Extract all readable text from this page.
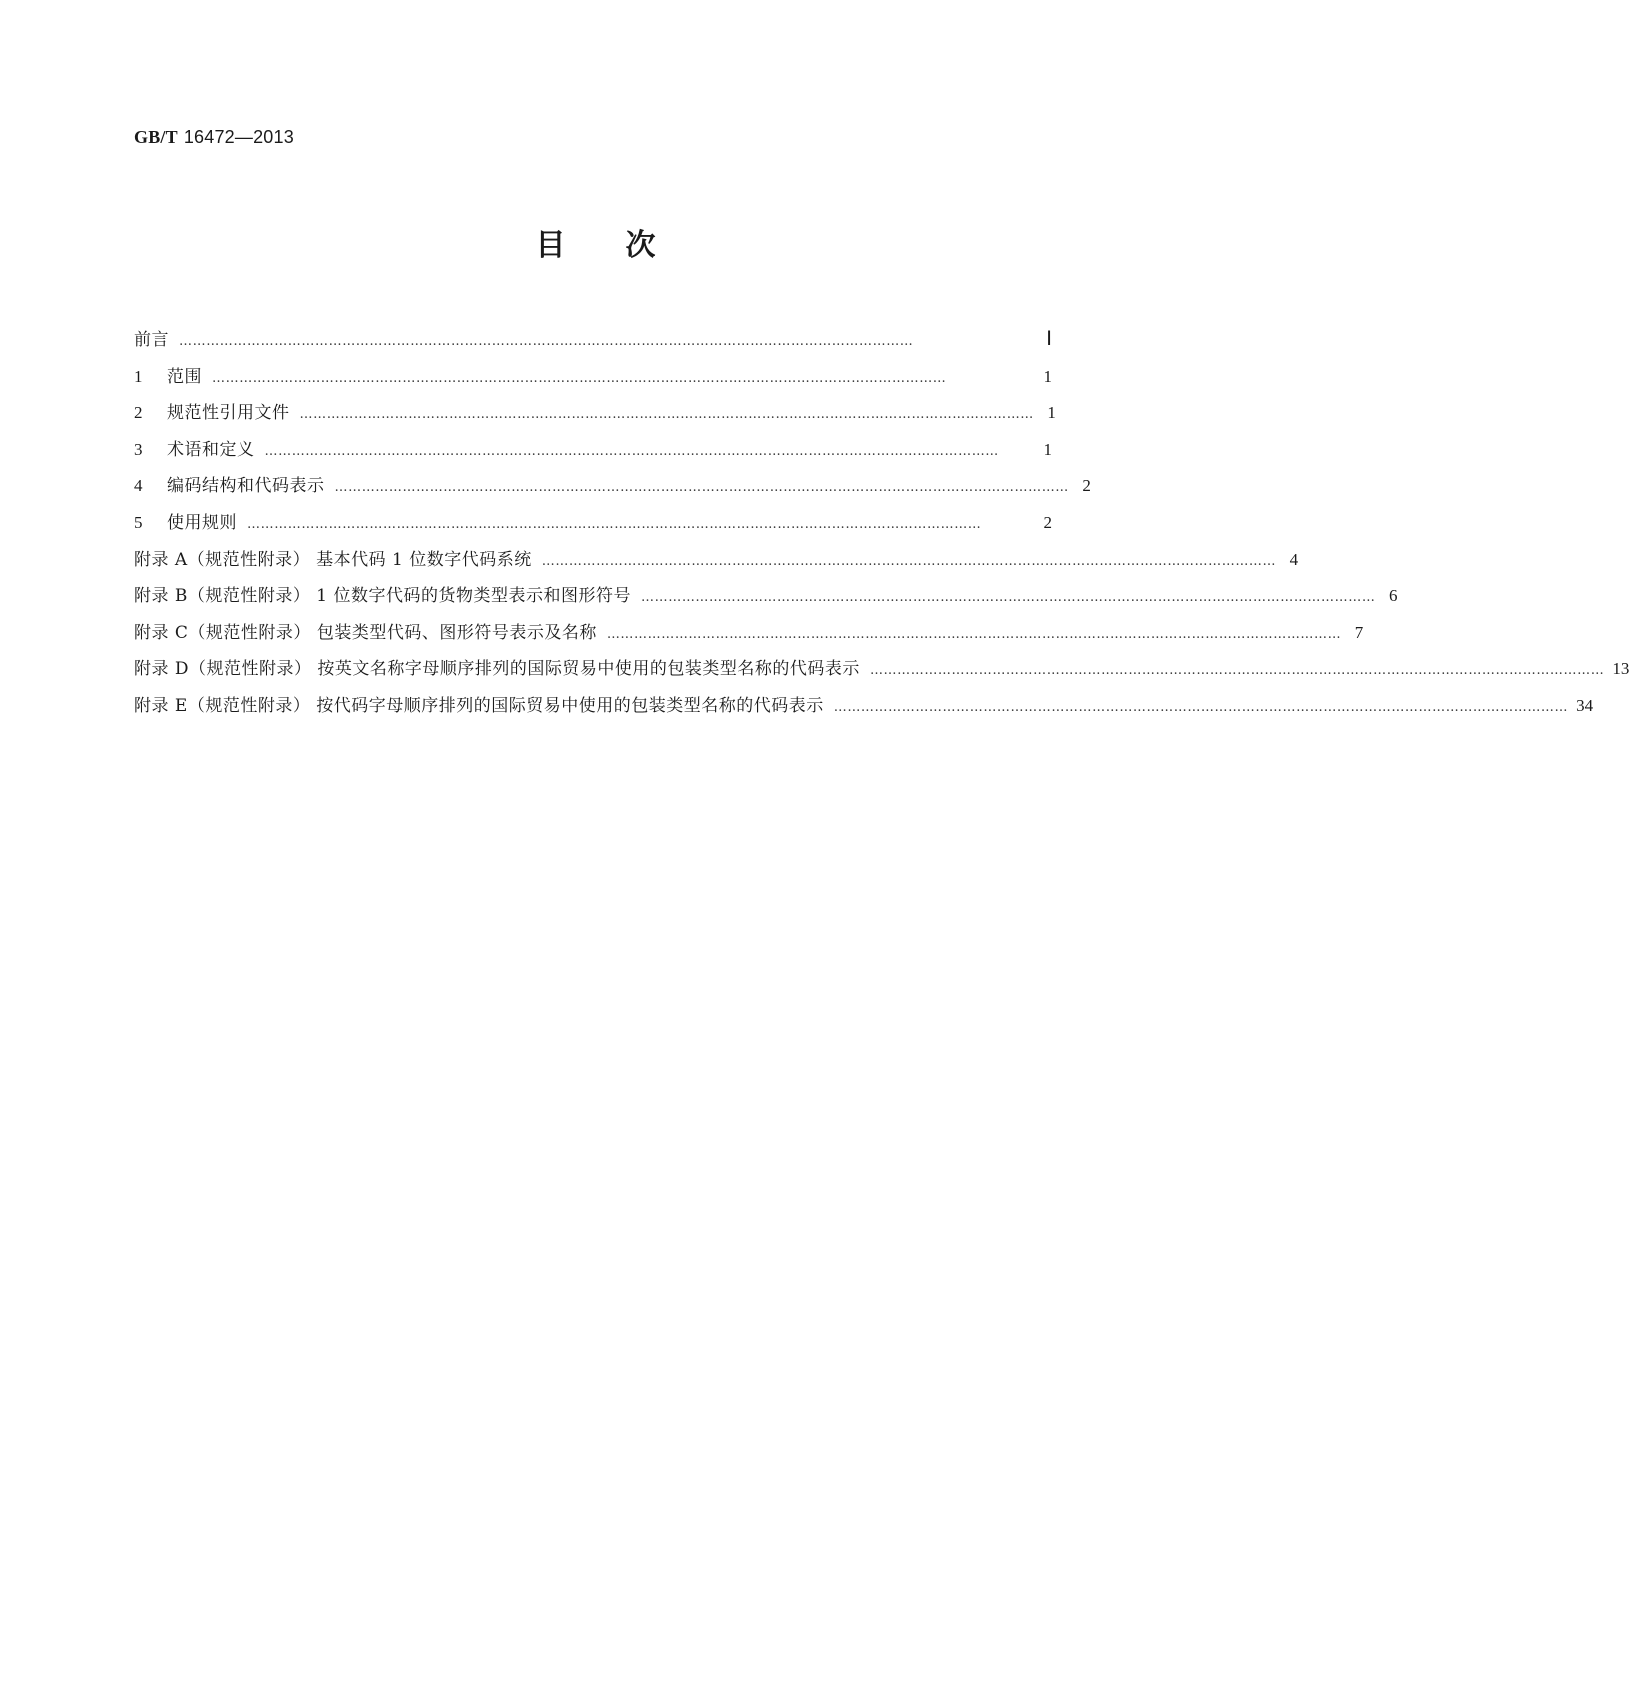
GB/T 16472—2013
目 次
前言 ………………………………………………………………………………………………………………………………………………	Ⅰ
1 范围 ………………………………………………………………………………………………………………………………………………	1
2 规范性引用文件 ……………………………………………………………………………………………………………………………………………… 1
3 术语和定义 ………………………………………………………………………………………………………………………………………………	1
4 编码结构和代码表示 ……………………………………………………………………………………………………………………………………………… 2
5 使用规则 ………………………………………………………………………………………………………………………………………………	2
附录 A（规范性附录） 基本代码 1 位数字代码系统 ……………………………………………………………………………………………………………………………………………… 4
附录 B（规范性附录） 1 位数字代码的货物类型表示和图形符号 ……………………………………………………………………………………………………………………………………………… 6
附录 C（规范性附录） 包装类型代码、图形符号表示及名称 ……………………………………………………………………………………………………………………………………………… 7
附录 D（规范性附录） 按英文名称字母顺序排列的国际贸易中使用的包装类型名称的代码表示 ……………………………………………………………………………………………………………………………………………… 13
附录 E（规范性附录） 按代码字母顺序排列的国际贸易中使用的包装类型名称的代码表示 ……………………………………………………………………………………………………………………………………………… 34
